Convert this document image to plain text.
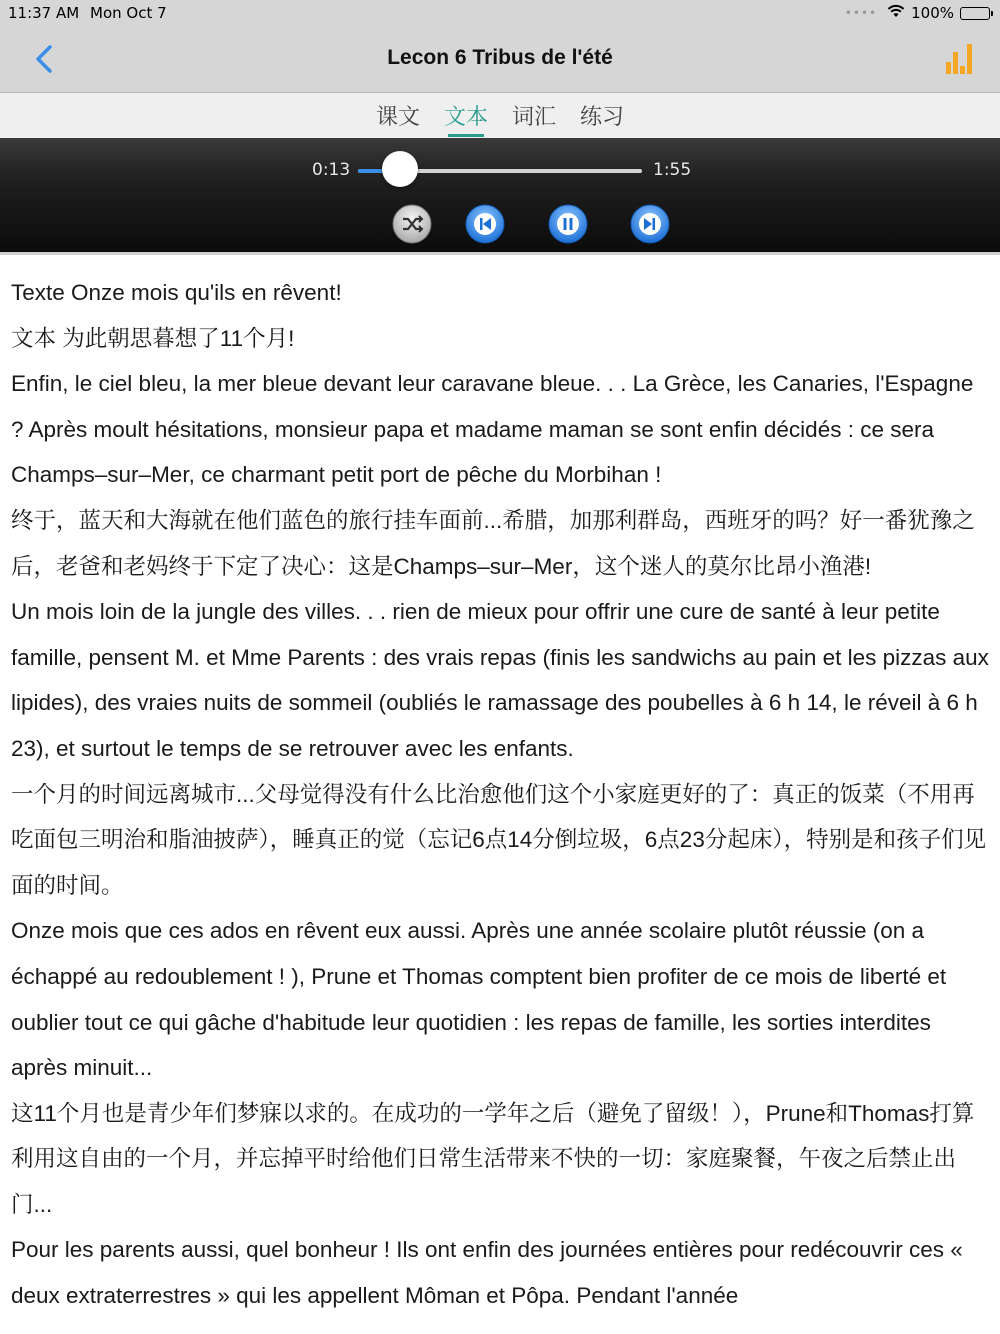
11:37 AM Mon Oct 7	•••• 100%
Lecon 6 Tribus de l'été
课文 文本 词汇 练习
0:13	1:55

Texte Onze mois qu'ils en rêvent!

文本 为此朝思暮想了11个月!

Enfin, le ciel bleu, la mer bleue devant leur caravane bleue. . . La Grèce, les Canaries, l'Espagne ? Après moult hésitations, monsieur papa et madame maman se sont enfin décidés : ce sera Champs–sur–Mer, ce charmant petit port de pêche du Morbihan !

终于，蓝天和大海就在他们蓝色的旅行挂车面前...希腊，加那利群岛，西班牙的吗？好一番犹豫之后，老爸和老妈终于下定了决心：这是Champs–sur–Mer，这个迷人的莫尔比昂小渔港!

Un mois loin de la jungle des villes. . . rien de mieux pour offrir une cure de santé à leur petite famille, pensent M. et Mme Parents : des vrais repas (finis les sandwichs au pain et les pizzas aux lipides), des vraies nuits de sommeil (oubliés le ramassage des poubelles à 6 h 14, le réveil à 6 h 23), et surtout le temps de se retrouver avec les enfants.

一个月的时间远离城市...父母觉得没有什么比治愈他们这个小家庭更好的了：真正的饭菜（不用再吃面包三明治和脂油披萨），睡真正的觉（忘记6点14分倒垃圾，6点23分起床），特别是和孩子们见面的时间。

Onze mois que ces ados en rêvent eux aussi. Après une année scolaire plutôt réussie (on a échappé au redoublement ! ), Prune et Thomas comptent bien profiter de ce mois de liberté et oublier tout ce qui gâche d'habitude leur quotidien : les repas de famille, les sorties interdites après minuit...

这11个月也是青少年们梦寐以求的。在成功的一学年之后（避免了留级！），Prune和Thomas打算利用这自由的一个月，并忘掉平时给他们日常生活带来不快的一切：家庭聚餐，午夜之后禁止出门...

Pour les parents aussi, quel bonheur ! Ils ont enfin des journées entières pour redécouvrir ces « deux extraterrestres » qui les appellent Môman et Pôpa. Pendant l'année
